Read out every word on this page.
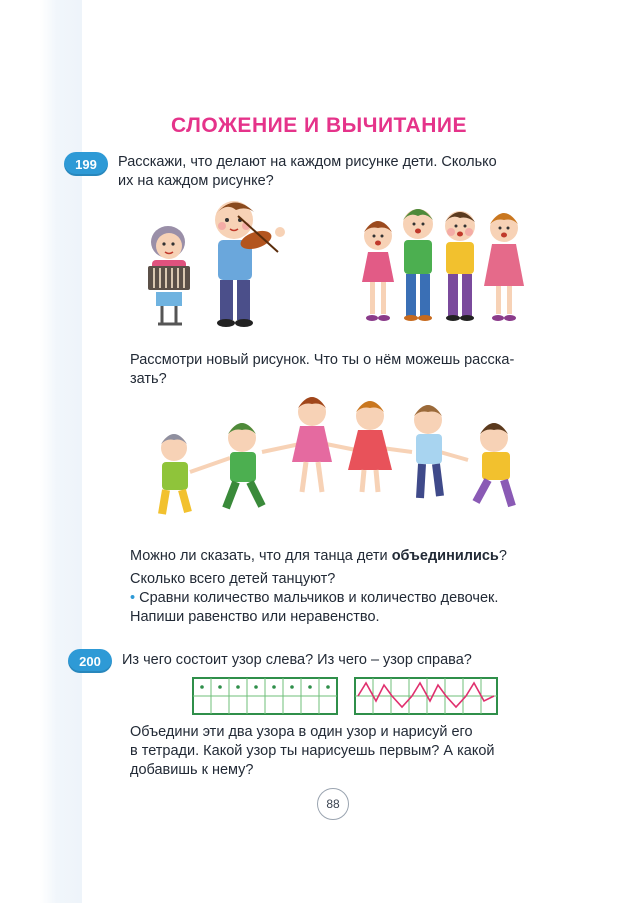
СЛОЖЕНИЕ И ВЫЧИТАНИЕ
199	Расскажи, что делают на каждом рисунке дети. Сколько
их на каждом рисунке?
Рассмотри новый рисунок. Что ты о нём можешь расска-
зать?
Можно ли сказать, что для танца дети объединились?
Сколько всего детей танцуют?
• Сравни количество мальчиков и количество девочек.
Напиши равенство или неравенство.
200	Из чего состоит узор слева? Из чего – узор справа?
Объедини эти два узора в один узор и нарисуй его
в тетради. Какой узор ты нарисуешь первым? А какой
добавишь к нему?
88
